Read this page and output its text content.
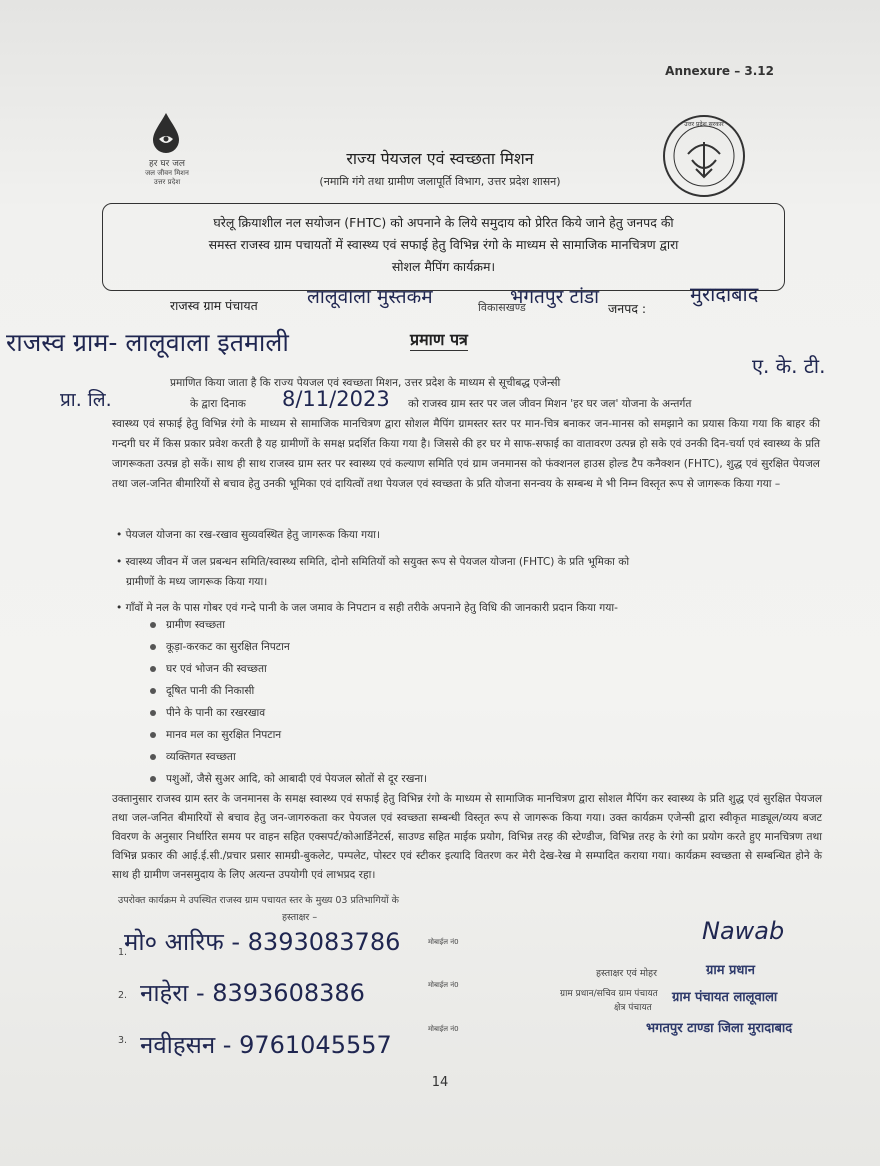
Annexure – 3.12
हर घर जल
जल जीवन मिशन
उत्तर प्रदेश
उत्तर प्रदेश सरकार
राज्य पेयजल एवं स्वच्छता मिशन
(नमामि गंगे तथा ग्रामीण जलापूर्ति विभाग, उत्तर प्रदेश शासन)
घरेलू क्रियाशील नल सयोजन (FHTC) को अपनाने के लिये समुदाय को प्रेरित किये जाने हेतु जनपद की
समस्त राजस्व ग्राम पचायतों में स्वास्थ्य एवं सफाई हेतु विभिन्न रंगो के माध्यम से सामाजिक मानचित्रण द्वारा
सोशल मैपिंग कार्यक्रम।
राजस्व ग्राम पंचायत	लालूवाला मुस्तकम	विकासखण्ड
भगतपुर टांडा
जनपद :
मुरादाबाद
राजस्व ग्राम- लालूवाला इतमाली	प्रमाण पत्र
प्रमाणित किया जाता है कि राज्य पेयजल एवं स्वच्छता मिशन, उत्तर प्रदेश के माध्यम से सूचीबद्ध एजेन्सी
ए. के. टी.
प्रा. लि.	के द्वारा दिनाक 8/11/2023 को राजस्व ग्राम स्तर पर जल जीवन मिशन 'हर घर जल' योजना के अन्तर्गत
स्वास्थ्य एवं सफाई हेतु विभिन्न रंगो के माध्यम से सामाजिक मानचित्रण द्वारा सोशल मैपिंग ग्रामस्तर स्तर पर मान-चित्र बनाकर जन-मानस को समझाने का प्रयास किया गया कि बाहर की गन्दगी घर में किस प्रकार प्रवेश करती है यह ग्रामीणों के समक्ष प्रदर्शित किया गया है। जिससे की हर घर मे साफ-सफाई का वातावरण उत्पन्न हो सके एवं उनकी दिन-चर्या एवं स्वास्थ्य के प्रति जागरूकता उत्पन्न हो सकें। साथ ही साथ राजस्व ग्राम स्तर पर स्वास्थ्य एवं कल्याण समिति एवं ग्राम जनमानस को फंक्शनल हाउस होल्ड टैप कनैक्शन (FHTC), शुद्ध एवं सुरक्षित पेयजल तथा जल-जनित बीमारियों से बचाव हेतु उनकी भूमिका एवं दायित्वों तथा पेयजल एवं स्वच्छता के प्रति योजना सनन्वय के सम्बन्ध मे भी निम्न विस्तृत रूप से जागरूक किया गया –
• पेयजल योजना का रख-रखाव सुव्यवस्थित हेतु जागरूक किया गया।
• स्वास्थ्य जीवन में जल प्रबन्धन समिति/स्वास्थ्य समिति, दोनो समितियों को सयुक्त रूप से पेयजल योजना (FHTC) के प्रति भूमिका को
ग्रामीणों के मध्य जागरूक किया गया।
• गाँवों मे नल के पास गोबर एवं गन्दे पानी के जल जमाव के निपटान व सही तरीके अपनाने हेतु विधि की जानकारी प्रदान किया गया-
ग्रामीण स्वच्छता
कूड़ा-करकट का सुरक्षित निपटान
घर एवं भोजन की स्वच्छता
दूषित पानी की निकासी
पीने के पानी का रखरखाव
मानव मल का सुरक्षित निपटान
व्यक्तिगत स्वच्छता
पशुओं, जैसे सुअर आदि, को आबादी एवं पेयजल स्रोतों से दूर रखना।
उक्तानुसार राजस्व ग्राम स्तर के जनमानस के समक्ष स्वास्थ्य एवं सफाई हेतु विभिन्न रंगो के माध्यम से सामाजिक मानचित्रण द्वारा सोशल मैपिंग कर स्वास्थ्य के प्रति शुद्ध एवं सुरक्षित पेयजल तथा जल-जनित बीमारियों से बचाव हेतु जन-जागरुकता कर पेयजल एवं स्वच्छता सम्बन्धी विस्तृत रूप से जागरूक किया गया। उक्त कार्यक्रम एजेन्सी द्वारा स्वीकृत माड्यूल/व्यय बजट विवरण के अनुसार निर्धारित समय पर वाहन सहित एक्सपर्ट/कोआर्डिनेटर्स, साउण्ड सहित माईक प्रयोग, विभिन्न तरह की स्टेण्डीज, विभिन्न तरह के रंगो का प्रयोग करते हुए मानचित्रण तथा विभिन्न प्रकार की आई.ई.सी./प्रचार प्रसार सामग्री-बुकलेट, पम्पलेट, पोस्टर एवं स्टीकर इत्यादि वितरण कर मेरी देख-रेख मे सम्पादित कराया गया। कार्यक्रम स्वच्छता से सम्बन्धित होने के साथ ही ग्रामीण जनसमुदाय के लिए अत्यन्त उपयोगी एवं लाभप्रद रहा।
उपरोक्त कार्यक्रम मे उपस्थित राजस्व ग्राम पचायत स्तर के मुख्य 03 प्रतिभागियों के
हस्ताक्षर –
1.
मोबाईल नं0
मो० आरिफ - 8393083786
2.
मोबाईल नं0
नाहेरा - 8393608386
3.
मोबाईल नं0
नवीहसन - 9761045557
Nawab
हस्ताक्षर एवं मोहर	ग्राम प्रधान
ग्राम प्रधान/सचिव ग्राम पंचायत
क्षेत्र पंचायत
ग्राम पंचायत लालूवाला
भगतपुर टाण्डा जिला मुरादाबाद
14
